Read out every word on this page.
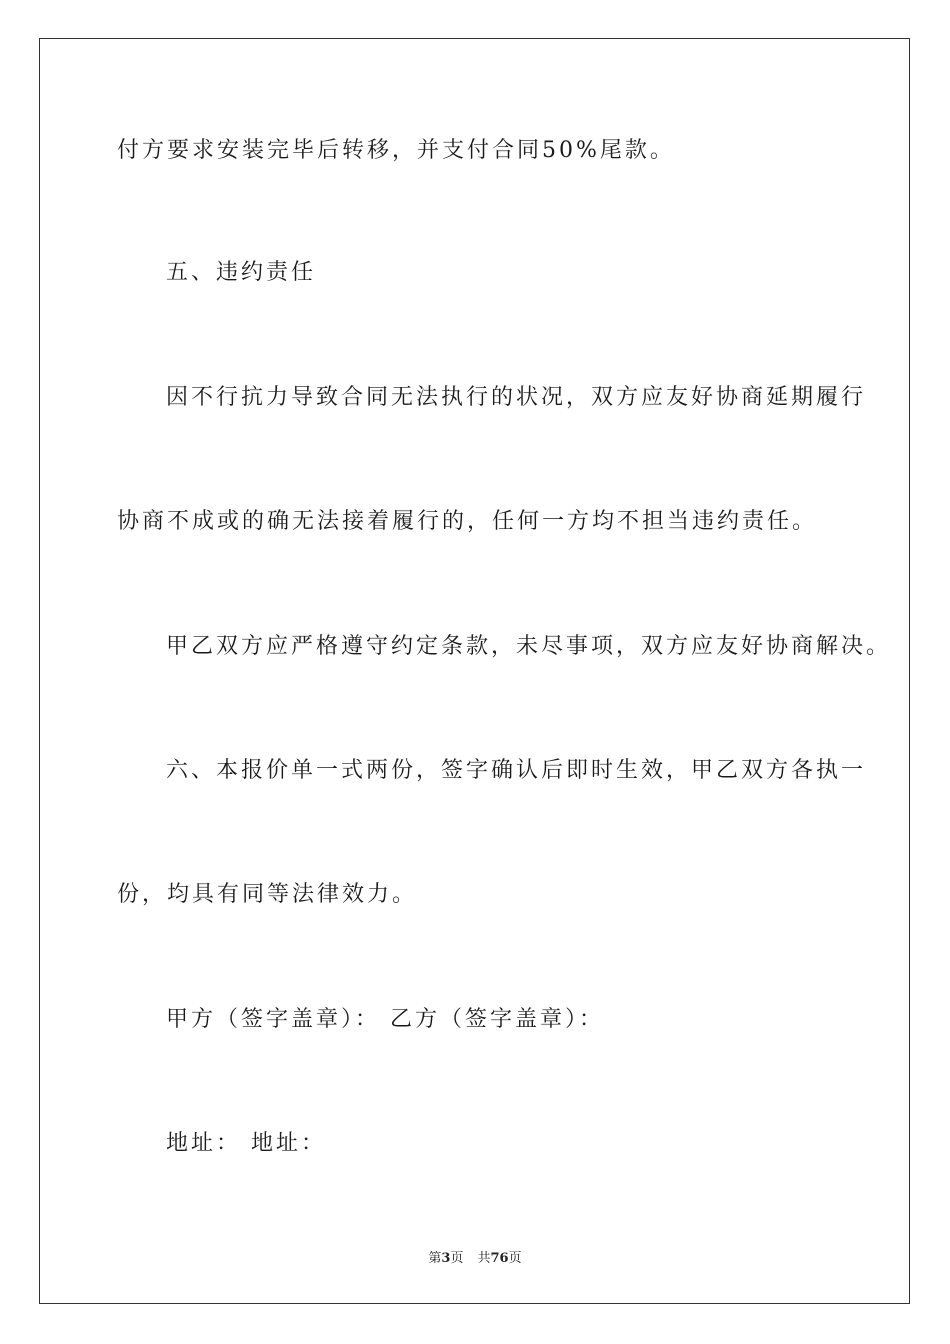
付方要求安装完毕后转移，并支付合同50%尾款。
五、违约责任
因不行抗力导致合同无法执行的状况，双方应友好协商延期履行
协商不成或的确无法接着履行的，任何一方均不担当违约责任。
甲乙双方应严格遵守约定条款，未尽事项，双方应友好协商解决。
六、本报价单一式两份，签字确认后即时生效，甲乙双方各执一
份，均具有同等法律效力。
甲方（签字盖章）： 乙方（签字盖章）：
地址： 地址：
第3页 共76页
